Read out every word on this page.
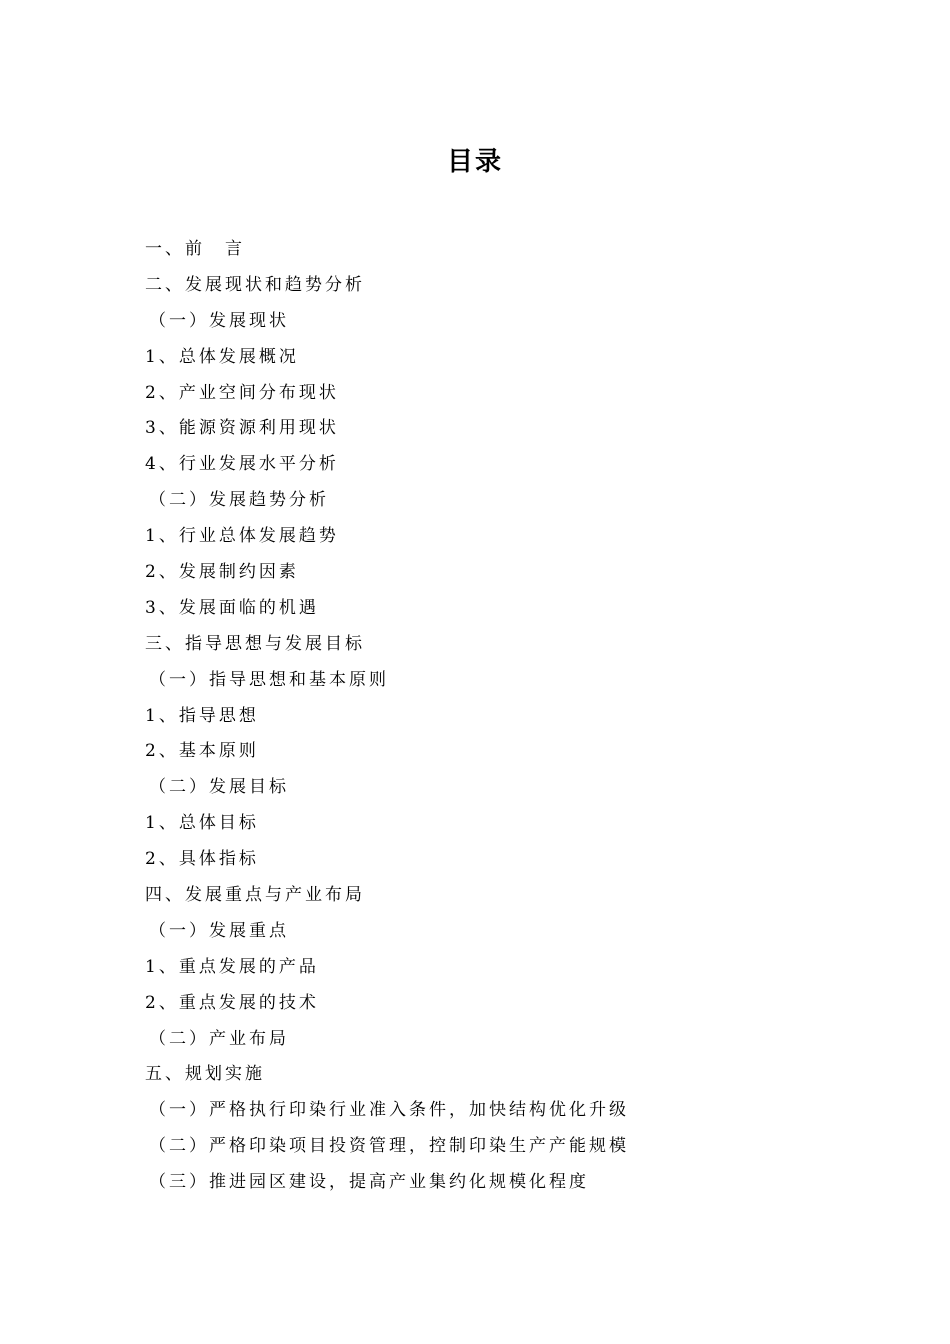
目录
一、前　言
二、发展现状和趋势分析
（一）发展现状
1、总体发展概况
2、产业空间分布现状
3、能源资源利用现状
4、行业发展水平分析
（二）发展趋势分析
1、行业总体发展趋势
2、发展制约因素
3、发展面临的机遇
三、指导思想与发展目标
（一）指导思想和基本原则
1、指导思想
2、基本原则
（二）发展目标
1、总体目标
2、具体指标
四、发展重点与产业布局
（一）发展重点
1、重点发展的产品
2、重点发展的技术
（二）产业布局
五、规划实施
（一）严格执行印染行业准入条件，加快结构优化升级
（二）严格印染项目投资管理，控制印染生产产能规模
（三）推进园区建设，提高产业集约化规模化程度
